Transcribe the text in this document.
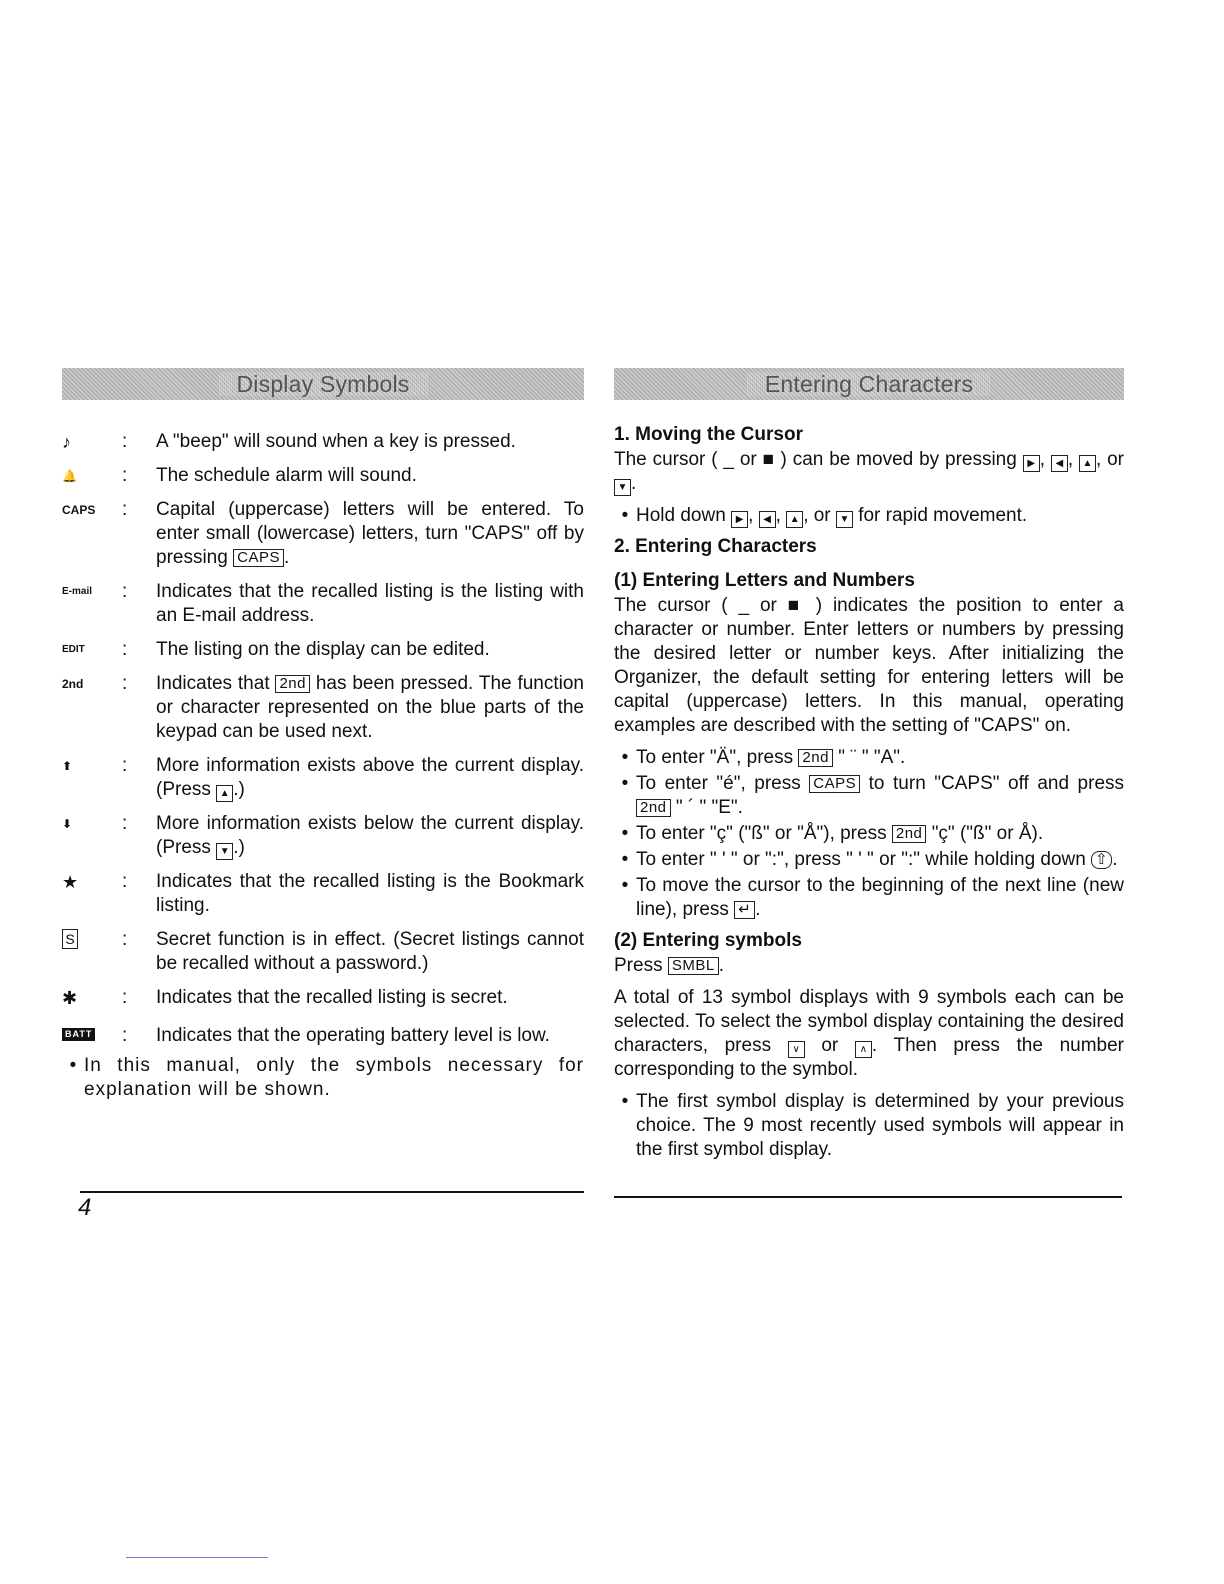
Display Symbols
♪	:	A "beep" will sound when a key is pressed.
🔔	:	The schedule alarm will sound.
CAPS	:	Capital (uppercase) letters will be entered. To enter small (lowercase) letters, turn "CAPS" off by pressing CAPS .
E-mail	:	Indicates that the recalled listing is the listing with an E-mail address.
EDIT	:	The listing on the display can be edited.
2nd	:	Indicates that 2nd has been pressed. The function or character represented on the blue parts of the keypad can be used next.
⬆	:	More information exists above the current display. (Press ▲ .)
⬇	:	More information exists below the current display. (Press ▼ .)
★	:	Indicates that the recalled listing is the Bookmark listing.
S	:	Secret function is in effect. (Secret listings cannot be recalled without a password.)
✱	:	Indicates that the recalled listing is secret.
BATT	:	Indicates that the operating battery level is low.
• In this manual, only the symbols necessary for explanation will be shown.
4
Entering Characters
1. Moving the Cursor

The cursor ( _ or ■ ) can be moved by pressing ▶ , ◀ , ▲ , or ▼ .

• Hold down ▶ , ◀ , ▲ , or ▼ for rapid movement.
2. Entering Characters
(1) Entering Letters and Numbers

The cursor ( _ or ■ ) indicates the position to enter a character or number. Enter letters or numbers by pressing the desired letter or number keys. After initializing the Organizer, the default setting for entering letters will be capital (uppercase) letters. In this manual, operating examples are described with the setting of "CAPS" on.

• To enter "Ä", press 2nd " ¨ " "A".
• To enter "é", press CAPS to turn "CAPS" off and press 2nd " ´ " "E".
• To enter "ç" ("ß" or "Å"), press 2nd "ç" ("ß" or Å).
• To enter " ' " or ":", press " ' " or ":" while holding down ⇧ .
• To move the cursor to the beginning of the next line (new line), press ↵ .
(2) Entering symbols

Press SMBL .

A total of 13 symbol displays with 9 symbols each can be selected. To select the symbol display containing the desired characters, press ∨ or ∧ . Then press the number corresponding to the symbol.

• The first symbol display is determined by your previous choice. The 9 most recently used symbols will appear in the first symbol display.
